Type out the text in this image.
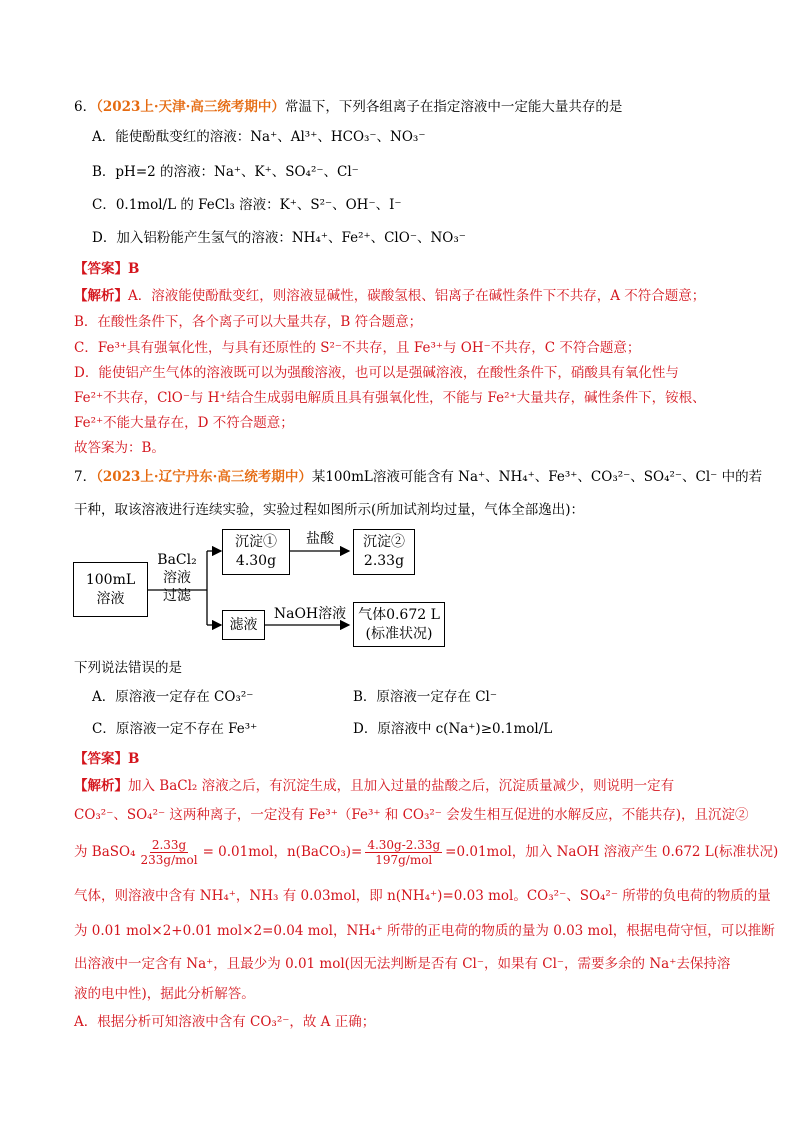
6．（2023上·天津·高三统考期中）常温下，下列各组离子在指定溶液中一定能大量共存的是
A．能使酚酞变红的溶液：Na⁺、Al³⁺、HCO₃⁻、NO₃⁻
B．pH=2 的溶液：Na⁺、K⁺、SO₄²⁻、Cl⁻
C．0.1mol/L 的 FeCl₃ 溶液：K⁺、S²⁻、OH⁻、I⁻
D．加入铝粉能产生氢气的溶液：NH₄⁺、Fe²⁺、ClO⁻、NO₃⁻
【答案】B
【解析】A．溶液能使酚酞变红，则溶液显碱性，碳酸氢根、铝离子在碱性条件下不共存，A 不符合题意；
B．在酸性条件下，各个离子可以大量共存，B 符合题意；
C．Fe³⁺具有强氧化性，与具有还原性的 S²⁻不共存，且 Fe³⁺与 OH⁻不共存，C 不符合题意；
D．能使铝产生气体的溶液既可以为强酸溶液，也可以是强碱溶液，在酸性条件下，硝酸具有氧化性与
Fe²⁺不共存，ClO⁻与 H⁺结合生成弱电解质且具有强氧化性，不能与 Fe²⁺大量共存，碱性条件下，铵根、
Fe²⁺不能大量存在，D 不符合题意；
故答案为：B。
7．（2023上·辽宁丹东·高三统考期中）某100mL溶液可能含有 Na⁺、NH₄⁺、Fe³⁺、CO₃²⁻、SO₄²⁻、Cl⁻ 中的若
干种，取该溶液进行连续实验，实验过程如图所示(所加试剂均过量，气体全部逸出)：
100mL
溶液
BaCl₂
溶液
过滤
沉淀①
4.30g
盐酸	沉淀②
2.33g
滤液
NaOH溶液 气体0.672 L
(标准状况)
下列说法错误的是
A．原溶液一定存在 CO₃²⁻	B．原溶液一定存在 Cl⁻
C．原溶液一定不存在 Fe³⁺	D．原溶液中 c(Na⁺)≥0.1mol/L
【答案】B
【解析】加入 BaCl₂ 溶液之后，有沉淀生成，且加入过量的盐酸之后，沉淀质量减少，则说明一定有
CO₃²⁻、SO₄²⁻ 这两种离子，一定没有 Fe³⁺（Fe³⁺ 和 CO₃²⁻ 会发生相互促进的水解反应，不能共存)，且沉淀②
为 BaSO₄ $\frac{2.33g}{\text{233g/mol}} = 0.01mol$，n(BaCO₃)= $\frac{4.30g-2.33g}{\text{197g/mol}} =0.01mol$，加入 NaOH 溶液产生 0.672 L(标准状况)
气体，则溶液中含有 NH₄⁺，NH₃ 有 0.03mol，即 n(NH₄⁺)=0.03 mol。CO₃²⁻、SO₄²⁻ 所带的负电荷的物质的量
为 0.01 mol×2+0.01 mol×2=0.04 mol，NH₄⁺ 所带的正电荷的物质的量为 0.03 mol，根据电荷守恒，可以推断
出溶液中一定含有 Na⁺，且最少为 0.01 mol(因无法判断是否有 Cl⁻，如果有 Cl⁻，需要多余的 Na⁺去保持溶
液的电中性)，据此分析解答。
A．根据分析可知溶液中含有 CO₃²⁻，故 A 正确；
